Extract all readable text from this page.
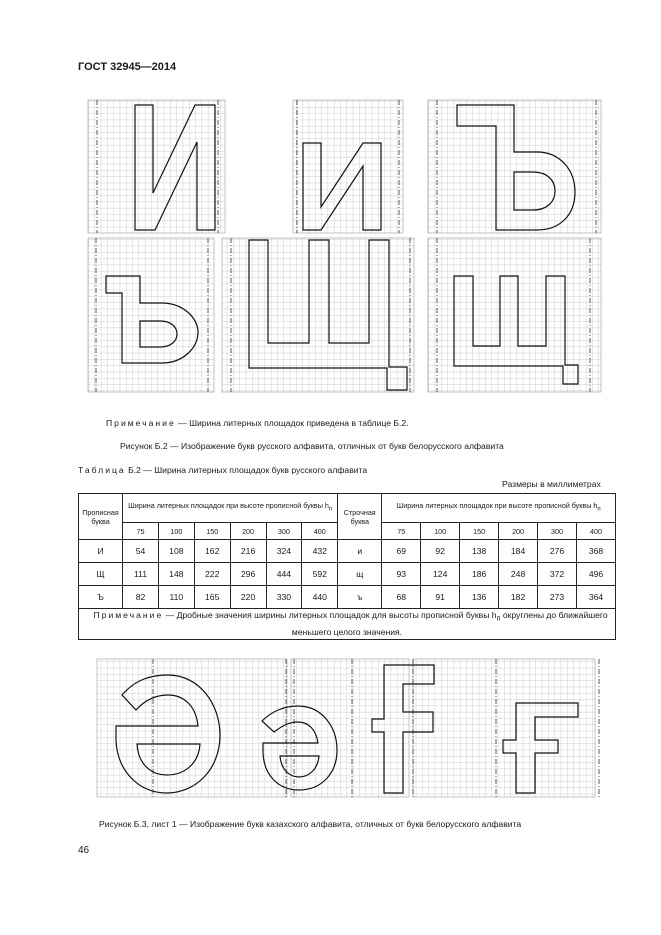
ГОСТ 32945—2014
Примечание — Ширина литерных площадок приведена в таблице Б.2.
Рисунок Б.2 — Изображение букв русского алфавита, отличных от букв белорусского алфавита
Таблица Б.2 — Ширина литерных площадок букв русского алфавита
Размеры в миллиметрах
Прописная буква	Ширина литерных площадок при высоте прописной буквы $h_п$						Строчная буква	Ширина литерных площадок при высоте прописной буквы $h_п$
	75	100	150	200	300	400		75	100	150	200	300	400
И	54	108	162	216	324	432	и	69	92	138	184	276	368
Щ	111	148	222	296	444	592	щ	93	124	186	248	372	496
Ъ	82	110	165	220	330	440	ъ	68	91	136	182	273	364
Примечание — Дробные значения ширины литерных площадок для высоты прописной буквы $h_п$ округлены до ближайшего меньшего целого значения.													
Рисунок Б.3, лист 1 — Изображение букв казахского алфавита, отличных от букв белорусского алфавита
46
